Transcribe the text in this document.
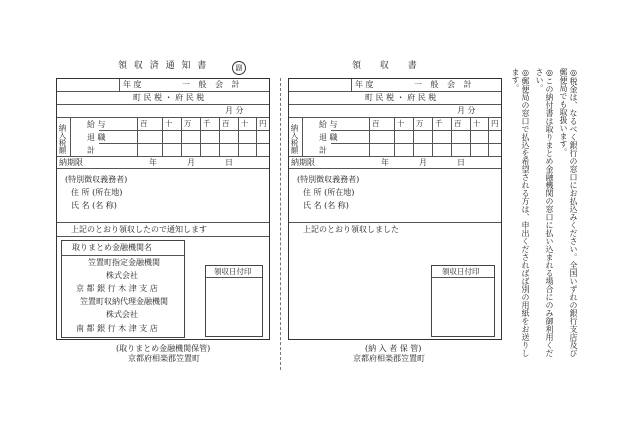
領 収 済 通 知 書	副
年 度	一 般 会 計
町 民 税 ・ 府 民 税
月 分
納入税額	給 与
退 職
計
百 十 万 千 百 十 円
納期限	年	月	日
(特別徴収義務者)
住 所 (所在地)
氏 名 (名 称)
上記のとおり領収したので通知します
取りまとめ金融機関名
笠置町指定金融機関
株式会社
京 都 銀 行 木 津 支 店
笠置町収納代理金融機関
株式会社
南 都 銀 行 木 津 支 店
領収日付印
(取りまとめ金融機関保管)
京都府相楽郡笠置町
領 収 書
年 度	一 般 会 計
町 民 税 ・ 府 民 税
月 分
納入税額	給 与
退 職
計
百 十 万 千 百 十 円
納期限	年	月	日
(特別徴収義務者)
住 所 (所在地)
氏 名 (名 称)
上記のとおり領収しました
領収日付印
(納 入 者 保 管)
京都府相楽郡笠置町
◎税金は、なるべく銀行の窓口にお払込みください。全国いずれの銀行支店及び郵便局でも取扱います。
◎この納付書は取りまとめ金融機関の窓口に払い込まれる場合にのみ御利用ください。
◎郵便局の窓口で払込を希望される方は、申出くださればば別の用紙をお送りします。
